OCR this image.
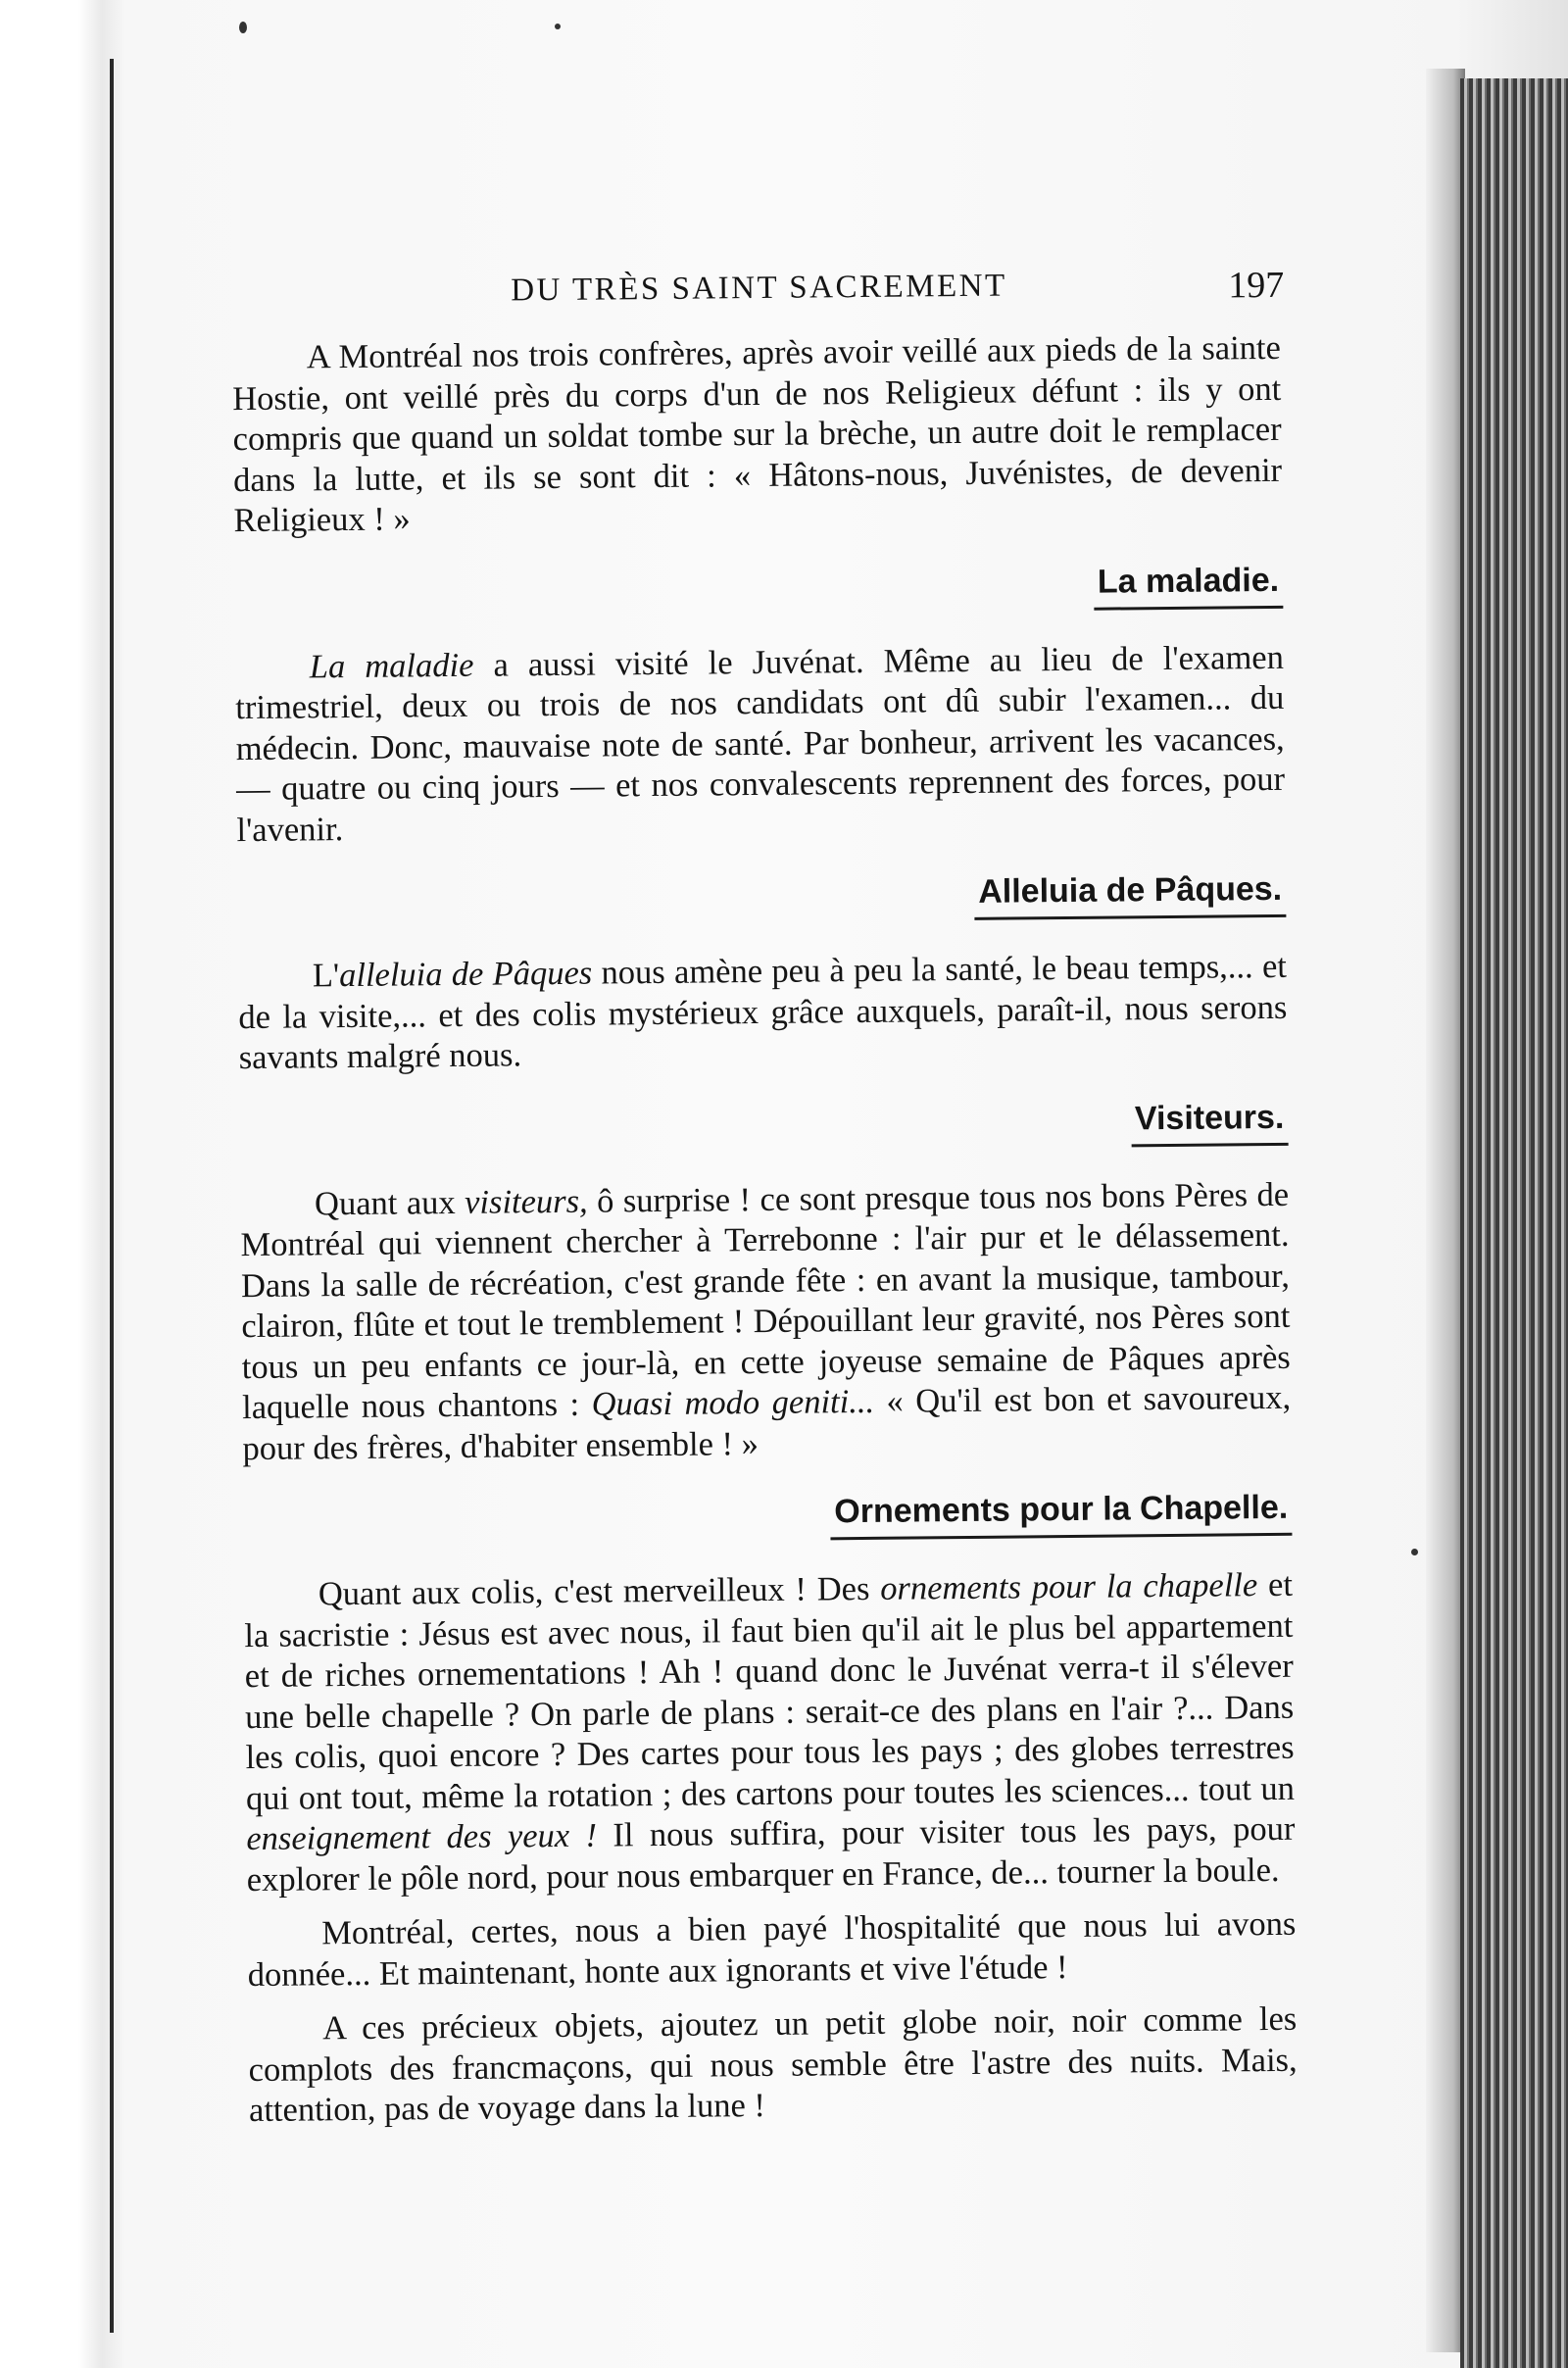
DU TRÈS SAINT SACREMENT	197

A Montréal nos trois confrères, après avoir veillé aux pieds de la sainte Hostie, ont veillé près du corps d'un de nos Religieux défunt : ils y ont compris que quand un soldat tombe sur la brèche, un autre doit le remplacer dans la lutte, et ils se sont dit : « Hâtons-nous, Juvénistes, de devenir Religieux ! »

La maladie.

La maladie a aussi visité le Juvénat. Même au lieu de l'examen trimestriel, deux ou trois de nos candidats ont dû subir l'examen... du médecin. Donc, mauvaise note de santé. Par bonheur, arrivent les vacances, — quatre ou cinq jours — et nos convalescents reprennent des forces, pour l'avenir.

Alleluia de Pâques.

L'alleluia de Pâques nous amène peu à peu la santé, le beau temps,... et de la visite,... et des colis mystérieux grâce auxquels, paraît-il, nous serons savants malgré nous.

Visiteurs.

Quant aux visiteurs, ô surprise ! ce sont presque tous nos bons Pères de Montréal qui viennent chercher à Terrebonne : l'air pur et le délassement. Dans la salle de récréation, c'est grande fête : en avant la musique, tambour, clairon, flûte et tout le tremblement ! Dépouillant leur gravité, nos Pères sont tous un peu enfants ce jour-là, en cette joyeuse semaine de Pâques après laquelle nous chantons : Quasi modo geniti... « Qu'il est bon et savoureux, pour des frères, d'habiter ensemble ! »

Ornements pour la Chapelle.

Quant aux colis, c'est merveilleux ! Des ornements pour la chapelle et la sacristie : Jésus est avec nous, il faut bien qu'il ait le plus bel appartement et de riches ornementations ! Ah ! quand donc le Juvénat verra-t il s'élever une belle chapelle ? On parle de plans : serait-ce des plans en l'air ?... Dans les colis, quoi encore ? Des cartes pour tous les pays ; des globes terrestres qui ont tout, même la rotation ; des cartons pour toutes les sciences... tout un enseignement des yeux ! Il nous suffira, pour visiter tous les pays, pour explorer le pôle nord, pour nous embarquer en France, de... tourner la boule.

Montréal, certes, nous a bien payé l'hospitalité que nous lui avons donnée... Et maintenant, honte aux ignorants et vive l'étude !

A ces précieux objets, ajoutez un petit globe noir, noir comme les complots des francmaçons, qui nous semble être l'astre des nuits. Mais, attention, pas de voyage dans la lune !
